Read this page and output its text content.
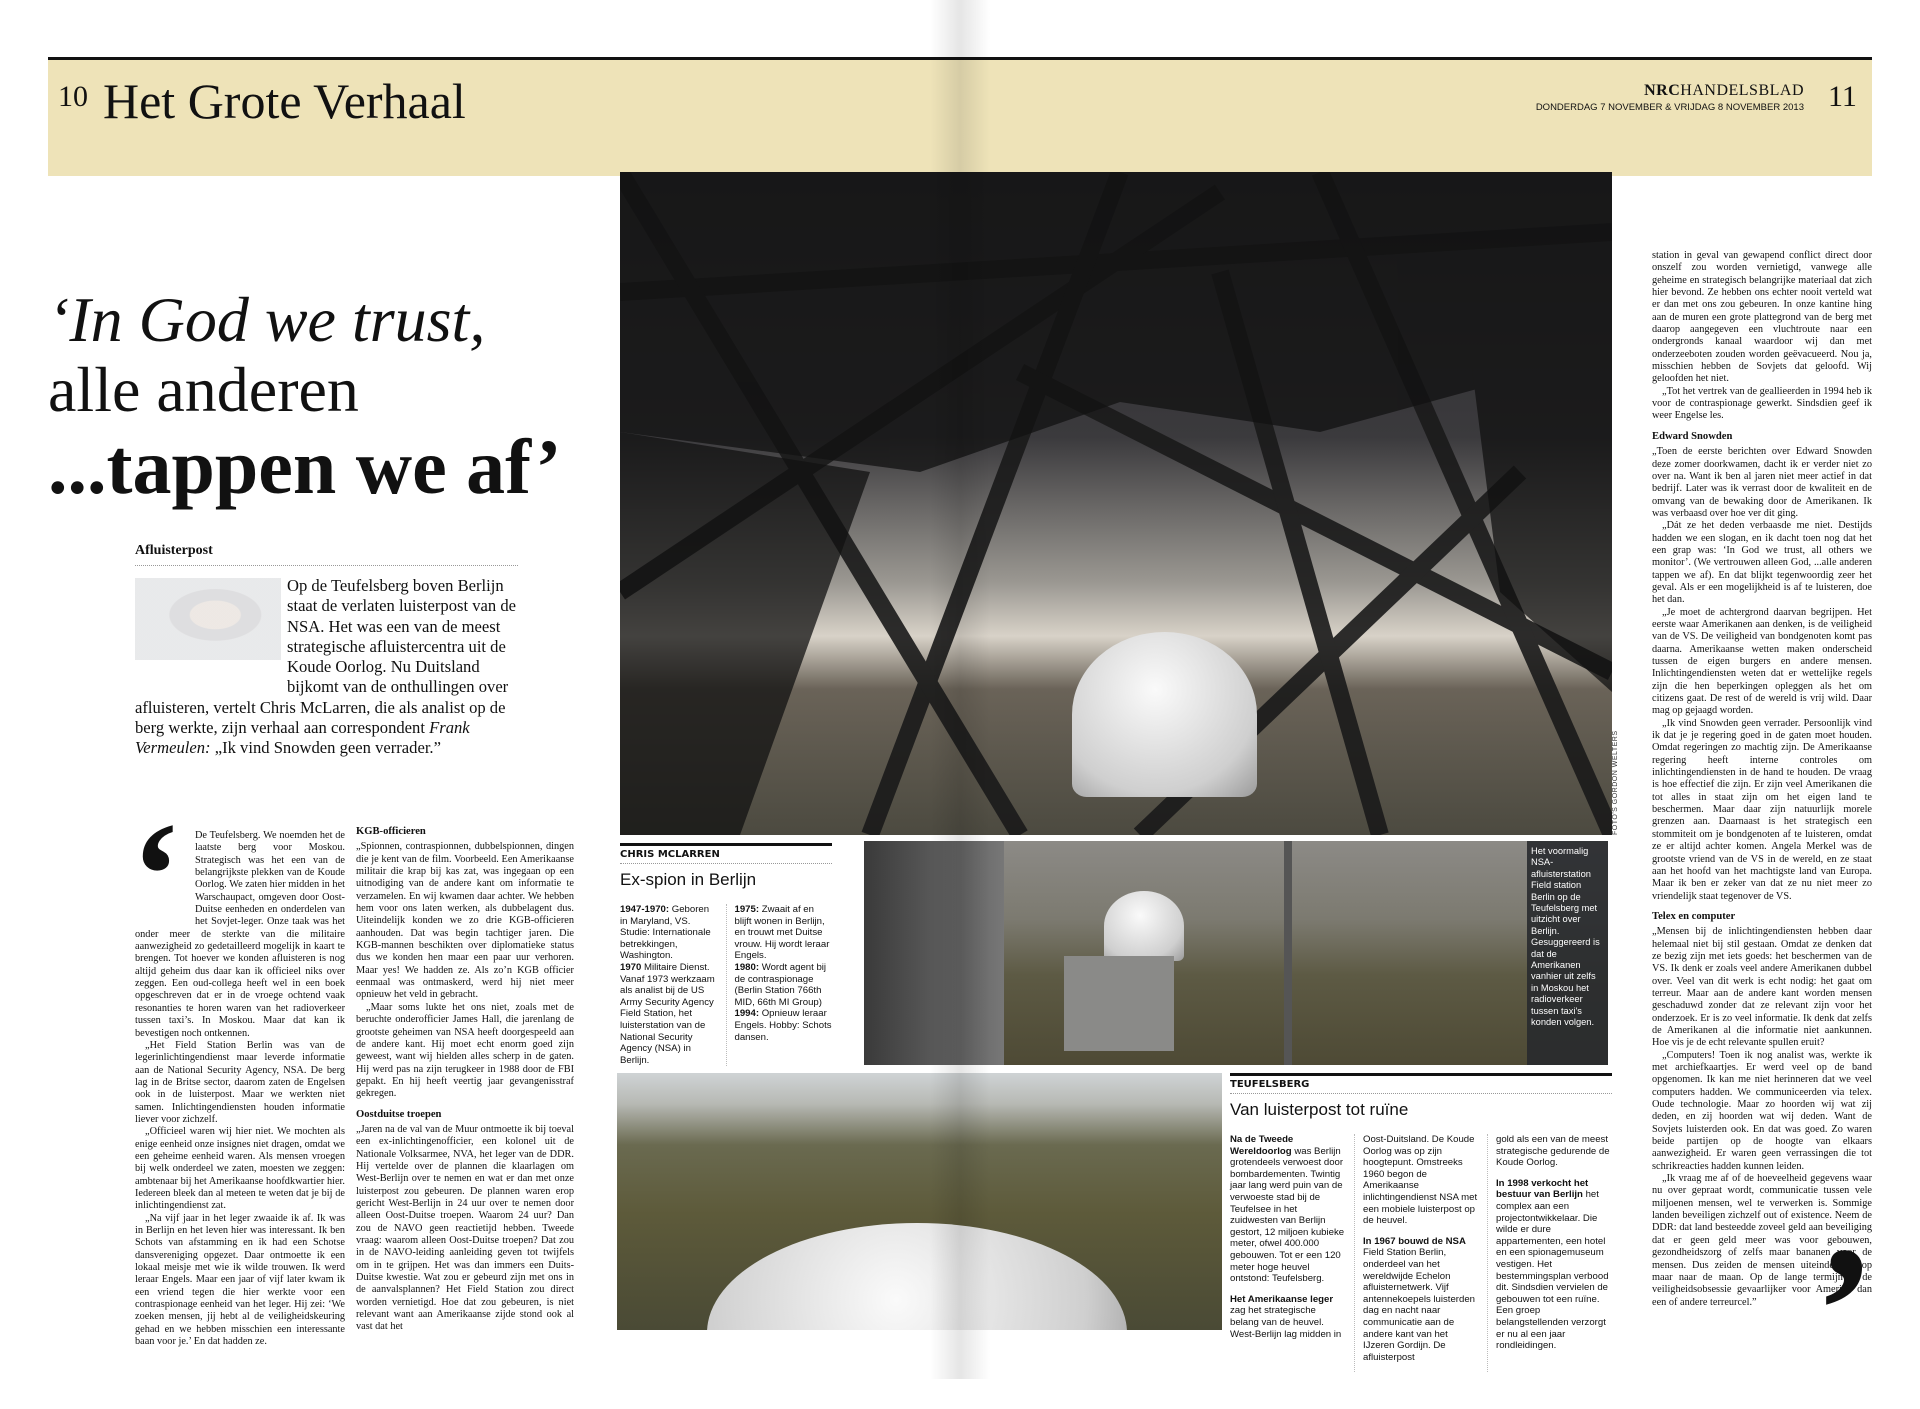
10 Het Grote Verhaal	NRCHANDELSBLAD
DONDERDAG 7 NOVEMBER & VRIJDAG 8 NOVEMBER 2013 11
‘In God we trust,
alle anderen
...tappen we af’
Afluisterpost
Op de Teufelsberg boven Berlijn staat de verlaten luisterpost van de NSA. Het was een van de meest strategische afluistercentra uit de Koude Oorlog. Nu Duitsland bijkomt van de onthullingen over afluisteren, vertelt Chris McLarren, die als analist op de berg werkte, zijn verhaal aan correspondent Frank Vermeulen: „Ik vind Snowden geen verrader.”
‘	De Teufelsberg. We noemden het de laatste berg voor Moskou. Strategisch was het een van de belangrijkste plekken van de Koude Oorlog. We zaten hier midden in het Warschaupact, omgeven door Oost-Duitse eenheden en onderdelen van het Sovjet-leger. Onze taak was het onder meer de sterkte van die militaire aanwezigheid zo gedetailleerd mogelijk in kaart te brengen. Tot hoever we konden afluisteren is nog altijd geheim dus daar kan ik officieel niks over zeggen. Een oud-collega heeft wel in een boek opgeschreven dat er in de vroege ochtend vaak resonanties te horen waren van het radioverkeer tussen taxi’s. In Moskou. Maar dat kan ik bevestigen noch ontkennen.

„Het Field Station Berlin was van de legerinlichtingendienst maar leverde informatie aan de National Security Agency, NSA. De berg lag in de Britse sector, daarom zaten de Engelsen ook in de luisterpost. Maar we werkten niet samen. Inlichtingendiensten houden informatie liever voor zichzelf.

„Officieel waren wij hier niet. We mochten als enige eenheid onze insignes niet dragen, omdat we een geheime eenheid waren. Als mensen vroegen bij welk onderdeel we zaten, moesten we zeggen: ambtenaar bij het Amerikaanse hoofdkwartier hier. Iedereen bleek dan al meteen te weten dat je bij de inlichtingendienst zat.

„Na vijf jaar in het leger zwaaide ik af. Ik was in Berlijn en het leven hier was interessant. Ik ben Schots van afstamming en ik had een Schotse dansvereniging opgezet. Daar ontmoette ik een lokaal meisje met wie ik wilde trouwen. Ik werd leraar Engels. Maar een jaar of vijf later kwam ik een vriend tegen die hier werkte voor een contraspionage eenheid van het leger. Hij zei: ‘We zoeken mensen, jij hebt al de veiligheidskeuring gehad en we hebben misschien een interessante baan voor je.’ En dat hadden ze.

KGB-officieren

„Spionnen, contraspionnen, dubbelspionnen, dingen die je kent van de film. Voorbeeld. Een Amerikaanse militair die krap bij kas zat, was ingegaan op een uitnodiging van de andere kant om informatie te verzamelen. En wij kwamen daar achter. We hebben hem voor ons laten werken, als dubbelagent dus. Uiteindelijk konden we zo drie KGB-officieren aanhouden. Dat was begin tachtiger jaren. Die KGB-mannen beschikten over diplomatieke status dus we konden hen maar een paar uur verhoren. Maar yes! We hadden ze. Als zo’n KGB officier eenmaal was ontmaskerd, werd hij niet meer opnieuw het veld in gebracht.

„Maar soms lukte het ons niet, zoals met de beruchte onderofficier James Hall, die jarenlang de grootste geheimen van NSA heeft doorgespeeld aan de andere kant. Hij moet echt enorm goed zijn geweest, want wij hielden alles scherp in de gaten. Hij werd pas na zijn terugkeer in 1988 door de FBI gepakt. En hij heeft veertig jaar gevangenisstraf gekregen.

Oostduitse troepen

„Jaren na de val van de Muur ontmoette ik bij toeval een ex-inlichtingenofficier, een kolonel uit de Nationale Volksarmee, NVA, het leger van de DDR. Hij vertelde over de plannen die klaarlagen om West-Berlijn over te nemen en wat er dan met onze luisterpost zou gebeuren. De plannen waren erop gericht West-Berlijn in 24 uur over te nemen door alleen Oost-Duitse troepen. Waarom 24 uur? Dan zou de NAVO geen reactietijd hebben. Tweede vraag: waarom alleen Oost-Duitse troepen? Dat zou in de NAVO-leiding aanleiding geven tot twijfels om in te grijpen. Het was dan immers een Duits-Duitse kwestie. Wat zou er gebeurd zijn met ons in de aanvalsplannen? Het Field Station zou direct worden vernietigd. Hoe dat zou gebeuren, is niet relevant want aan Amerikaanse zijde stond ook al vast dat het

station in geval van gewapend conflict direct door onszelf zou worden vernietigd, vanwege alle geheime en strategisch belangrijke materiaal dat zich hier bevond. Ze hebben ons echter nooit verteld wat er dan met ons zou gebeuren. In onze kantine hing aan de muren een grote plattegrond van de berg met daarop aangegeven een vluchtroute naar een ondergronds kanaal waardoor wij dan met onderzeeboten zouden worden geëvacueerd. Nou ja, misschien hebben de Sovjets dat geloofd. Wij geloofden het niet.

„Tot het vertrek van de geallieerden in 1994 heb ik voor de contraspionage gewerkt. Sindsdien geef ik weer Engelse les.

Edward Snowden

„Toen de eerste berichten over Edward Snowden deze zomer doorkwamen, dacht ik er verder niet zo over na. Want ik ben al jaren niet meer actief in dat bedrijf. Later was ik verrast door de kwaliteit en de omvang van de bewaking door de Amerikanen. Ik was verbaasd over hoe ver dit ging.

„Dát ze het deden verbaasde me niet. Destijds hadden we een slogan, en ik dacht toen nog dat het een grap was: ‘In God we trust, all others we monitor’. (We vertrouwen alleen God, ...alle anderen tappen we af). En dat blijkt tegenwoordig zeer het geval. Als er een mogelijkheid is af te luisteren, doe het dan.

„Je moet de achtergrond daarvan begrijpen. Het eerste waar Amerikanen aan denken, is de veiligheid van de VS. De veiligheid van bondgenoten komt pas daarna. Amerikaanse wetten maken onderscheid tussen de eigen burgers en andere mensen. Inlichtingendiensten weten dat er wettelijke regels zijn die hen beperkingen opleggen als het om citizens gaat. De rest of de wereld is vrij wild. Daar mag op gejaagd worden.

„Ik vind Snowden geen verrader. Persoonlijk vind ik dat je je regering goed in de gaten moet houden. Omdat regeringen zo machtig zijn. De Amerikaanse regering heeft interne controles om inlichtingendiensten in de hand te houden. De vraag is hoe effectief die zijn. Er zijn veel Amerikanen die tot alles in staat zijn om het eigen land te beschermen. Maar daar zijn natuurlijk morele grenzen aan. Daarnaast is het strategisch een stommiteit om je bondgenoten af te luisteren, omdat ze er altijd achter komen. Angela Merkel was de grootste vriend van de VS in de wereld, en ze staat aan het hoofd van het machtigste land van Europa. Maar ik ben er zeker van dat ze nu niet meer zo vriendelijk staat tegenover de VS.

Telex en computer

„Mensen bij de inlichtingendiensten hebben daar helemaal niet bij stil gestaan. Omdat ze denken dat ze bezig zijn met iets goeds: het beschermen van de VS. Ik denk er zoals veel andere Amerikanen dubbel over. Veel van dit werk is echt nodig: het gaat om terreur. Maar aan de andere kant worden mensen geschaduwd zonder dat ze relevant zijn voor het onderzoek. Er is zo veel informatie. Ik denk dat zelfs de Amerikanen al die informatie niet aankunnen. Hoe vis je de echt relevante spullen eruit?

„Computers! Toen ik nog analist was, werkte ik met archiefkaartjes. Er werd veel op de band opgenomen. Ik kan me niet herinneren dat we veel computers hadden. We communiceerden via telex. Oude technologie. Maar zo hoorden wij wat zij deden, en zij hoorden wat wij deden. Want de Sovjets luisterden ook. En dat was goed. Zo waren beide partijen op de hoogte van elkaars aanwezigheid. Er waren geen verrassingen die tot schrikreacties hadden kunnen leiden.

„Ik vraag me af of de hoeveelheid gegevens waar nu over gepraat wordt, communicatie tussen vele miljoenen mensen, wel te verwerken is. Sommige landen beveiligen zichzelf out of existence. Neem de DDR: dat land besteedde zoveel geld aan beveiliging dat er geen geld meer was voor gebouwen, gezondheidszorg of zelfs maar bananen voor de mensen. Dus zeiden de mensen uiteindelijk loop maar naar de maan. Op de lange termijn is de veiligheidsobsessie gevaarlijker voor Amerika dan een of andere terreurcel.” ’
FOTO'S GORDON WELTERS
CHRIS MCLARREN
Ex-spion in Berlijn

1947-1970: Geboren in Maryland, VS. Studie: Internationale betrekkingen, Washington.

1970 Militaire Dienst. Vanaf 1973 werkzaam als analist bij de US Army Security Agency Field Station, het luisterstation van de National Security Agency (NSA) in Berlijn.

1975: Zwaait af en blijft wonen in Berlijn, en trouwt met Duitse vrouw. Hij wordt leraar Engels.

1980: Wordt agent bij de contraspionage (Berlin Station 766th MID, 66th MI Group)

1994: Opnieuw leraar Engels. Hobby: Schots dansen.

Het voormalig NSA-afluisterstation Field station Berlin op de Teufelsberg met uitzicht over Berlijn. Gesuggereerd is dat de Amerikanen vanhier uit zelfs in Moskou het radioverkeer tussen taxi's konden volgen.
TEUFELSBERG
Van luisterpost tot ruïne

Na de Tweede Wereldoorlog was Berlijn grotendeels verwoest door bombardementen. Twintig jaar lang werd puin van de verwoeste stad bij de Teufelsee in het zuidwesten van Berlijn gestort, 12 miljoen kubieke meter, ofwel 400.000 gebouwen. Tot er een 120 meter hoge heuvel ontstond: Teufelsberg.

Het Amerikaanse leger zag het strategische belang van de heuvel. West-Berlijn lag midden in

Oost-Duitsland. De Koude Oorlog was op zijn hoogtepunt. Omstreeks 1960 begon de Amerikaanse inlichtingendienst NSA met een mobiele luisterpost op de heuvel.

In 1967 bouwd de NSA Field Station Berlin, onderdeel van het wereldwijde Echelon afluisternetwerk. Vijf antennekoepels luisterden dag en nacht naar communicatie aan de andere kant van het IJzeren Gordijn. De afluisterpost

gold als een van de meest strategische gedurende de Koude Oorlog.

In 1998 verkocht het bestuur van Berlijn het complex aan een projectontwikkelaar. Die wilde er dure appartementen, een hotel en een spionagemuseum vestigen. Het bestemmingsplan verbood dit. Sindsdien vervielen de gebouwen tot een ruïne. Een groep belangstellenden verzorgt er nu al een jaar rondleidingen.
